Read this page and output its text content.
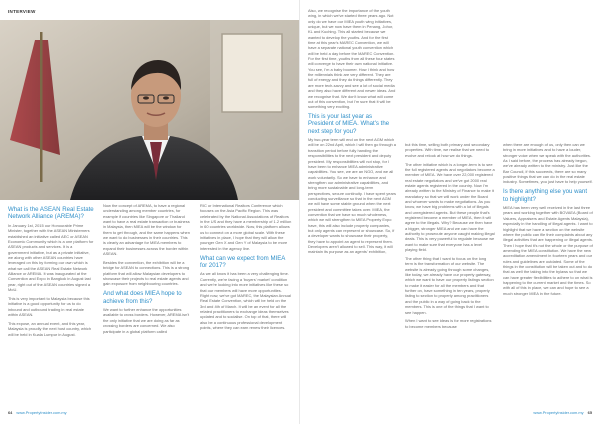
INTERVIEW
What is the ASEAN Real Estate Network Alliance (AREMA)?

In January 1st, 2015 our Honourable Prime Minister, together with the ASEAN Ministerners established an initiative called AEC or ASEAN Economic Community which is a one platform for ASEAN products and services. It is a government initiative, but as a private initiative, we along with other ASEAN countries have leveraged on this by forming our own which is what we call the ASEAN Real Estate Network Alliance or AREMA. It was inaugurated at the Convention and Expo in Bangkok in August last year, right out of the ASEAN countries signed a MoU.

This is very important to Malaysia because this initiative is a good opportunity for us to do inbound and outbound trading in real estate within ASEAN.

This expose, an annual event, and this year, Malaysia is proudly the next host country, which will be held in Kuala Lumpur in August.

Now the concept of AREMA, to have a regional understanding among member countries, for example if countries like Singapore or Thailand want to have a real estate transaction or business in Malaysia, then MIEA will be the window for them to get through, and the same happens when we want to do businesses in their countries. This is clearly an advantage for MIEA members to expand their businesses across the border within ASEAN.

Besides the convention, the exhibition will be a bridge for ASEAN to connections. This is a strong platform that will allow Malaysian developers to showcase their projects to real estate agents and gain exposure from neighbouring countries.

And what does MIEA hope to achieve from this?

We want to further enhance the opportunities available to cross borders. However, AREMA isn't the only initiative that we are doing as far as crossing borders are concerned. We also participate in a global platform called

RIC or International Realtors Conference which focuses on the Asia Pacific Region. This was celebrated by the National Associations of Realtors in the US and they have a membership of 1.2 million in 60 countries worldwide. Now, this platform allows us to connect on a more global scale. With these initiatives in place, I hope that they will allow the younger Gen X and Gen Y of Malaysia to be more interested in the agency line.

What can we expect from MIEA for 2017?

As we all know it has been a very challenging time. Currently, we're facing a 'buyers' market' condition and we're looking into more initiatives like these so that our members will have more opportunities. Right now, we've got MAREC, the Malaysian Annual Real Estate Convention, which will be held on the 3rd and 4th of March. It will be an event for all the related practitioners to exchange ideas themselves updated and to socialise. On top of that, there will also be a continuous professional development points, where they can earn renew their licences.

64 www.PropertyInsider.com.my

Also, we recognise the importance of the youth wing, in which we've started three years ago. Not only do we have our MIEA youth wing initiatives, unique, but we now have them in Penang, Johor, KL and Kuching. This all started because we wanted to develop the youths. And for the first time at this year's MAREC Convention, we will have a separate national youth convention which will be held a day before the MAREC Convention. For the first time, youths from all these four states will converge to have their own national initiative. You see, I'm a baby boomer. How I think and how the millennials think are very different. They are full of energy and they do things differently. They are more tech-savvy and see a lot of social media and they also have different and newer ideas. And we recognise that. We don't know what will come out of this convention, but I'm sure that it will be something very exciting.

This is your last year as President of MIEA. What's the next step for you?

My two-year term will end on the next AGM which will be on 22nd April, which I will then go through a transition period before fully handing the responsibilities to the next president and deputy president. My responsibilities will not stop, for I have been to enhance MIEA administrative capabilities. You see, we are an NGO, and we all work voluntarily. So we have to enhance and strengthen our administrative capabilities, and bring more sustainable and long-term perspectives, secure continuity. I have spent years conducting surveillance so that in the next AGM we will have some stable ground when the next president and committee takes over. MIEA, the convention that we have so much wholeness, which we will strengthen to MIEA Property Expo have, this will also include property companies, but only agents can represent or showcase. So, if a developer wants to showcase their property, they have to appoint an agent to represent them. Developers aren't allowed to sell. This way, it will maintain its purpose as an agents' exhibition,

but this time, selling both primary and secondary properties. With time, we realise that we need to evolve and relook at how we do things.

The other initiative which is a longer-term is to see the full registered agents and negotiators become a member of MIEA. We have over 22,000 registered real estate negotiators and we've got 2000 real estate agents registered in the country. Now I'm already written to the Ministry of Finance to make it mandatory so that we will work under the Board and whoever wants to make negotiations. As you know, we have big problems with a lot of illegals and unregistered agents. But these people that's registered become a member of MIEA, then it will agree to the illegals. Why? Because we then have a bigger, stronger MIEA and we can have the authority to prosecute anyone caught making illegal deals. This is very powerful to regulate because we want to make sure that everyone has a level playing field.

The other thing that I want to focus on the long term is the transformation of our website. The website is already going through some changes, like today, we already have our property gateway, which we want to have our property listings section to make it easier for all the members and that further on, have something in ten years, properly listing to section to properly among practitioners and the public in a way of going back to the members. This is one of the things that I want to see happen.

When I want to see ideas is for more registrations to become members because

when there are enough of us, only then can we bring in more initiatives and to have a louder, stronger voice when we speak with the authorities. As I said before, the process has already begun, we've already written to the ministry. Just like the Bar Council, if this succeeds, there are so many positive things that we can do in the real estate industry. Sometimes, you just have to help yourself.

Is there anything else you want to highlight?

MIEA has been very well received in the last three years and working together with BOVAEA (Board of Valuers, Appraisers and Estate Agents Malaysia), especially in the handling of illegal agents. I want to highlight that we have a section on the website where the public can file their complaints about any illegal activities that are happening or illegal agents. Then I hope that it's not the whole or the purpose of amending the MIEA constitution. We have the new accreditation amendment in fourteen years and our rules and guidelines are outdated. Some of the things in the constitution will be taken out and to do that as well the taking into the bylaws so that we can have greater flexibilities to adhere to on what is happening to the current market and the times. So with all of this in place, we can and hope to see a much stronger MIEA in the future.

www.PropertyInsider.com.my 65
